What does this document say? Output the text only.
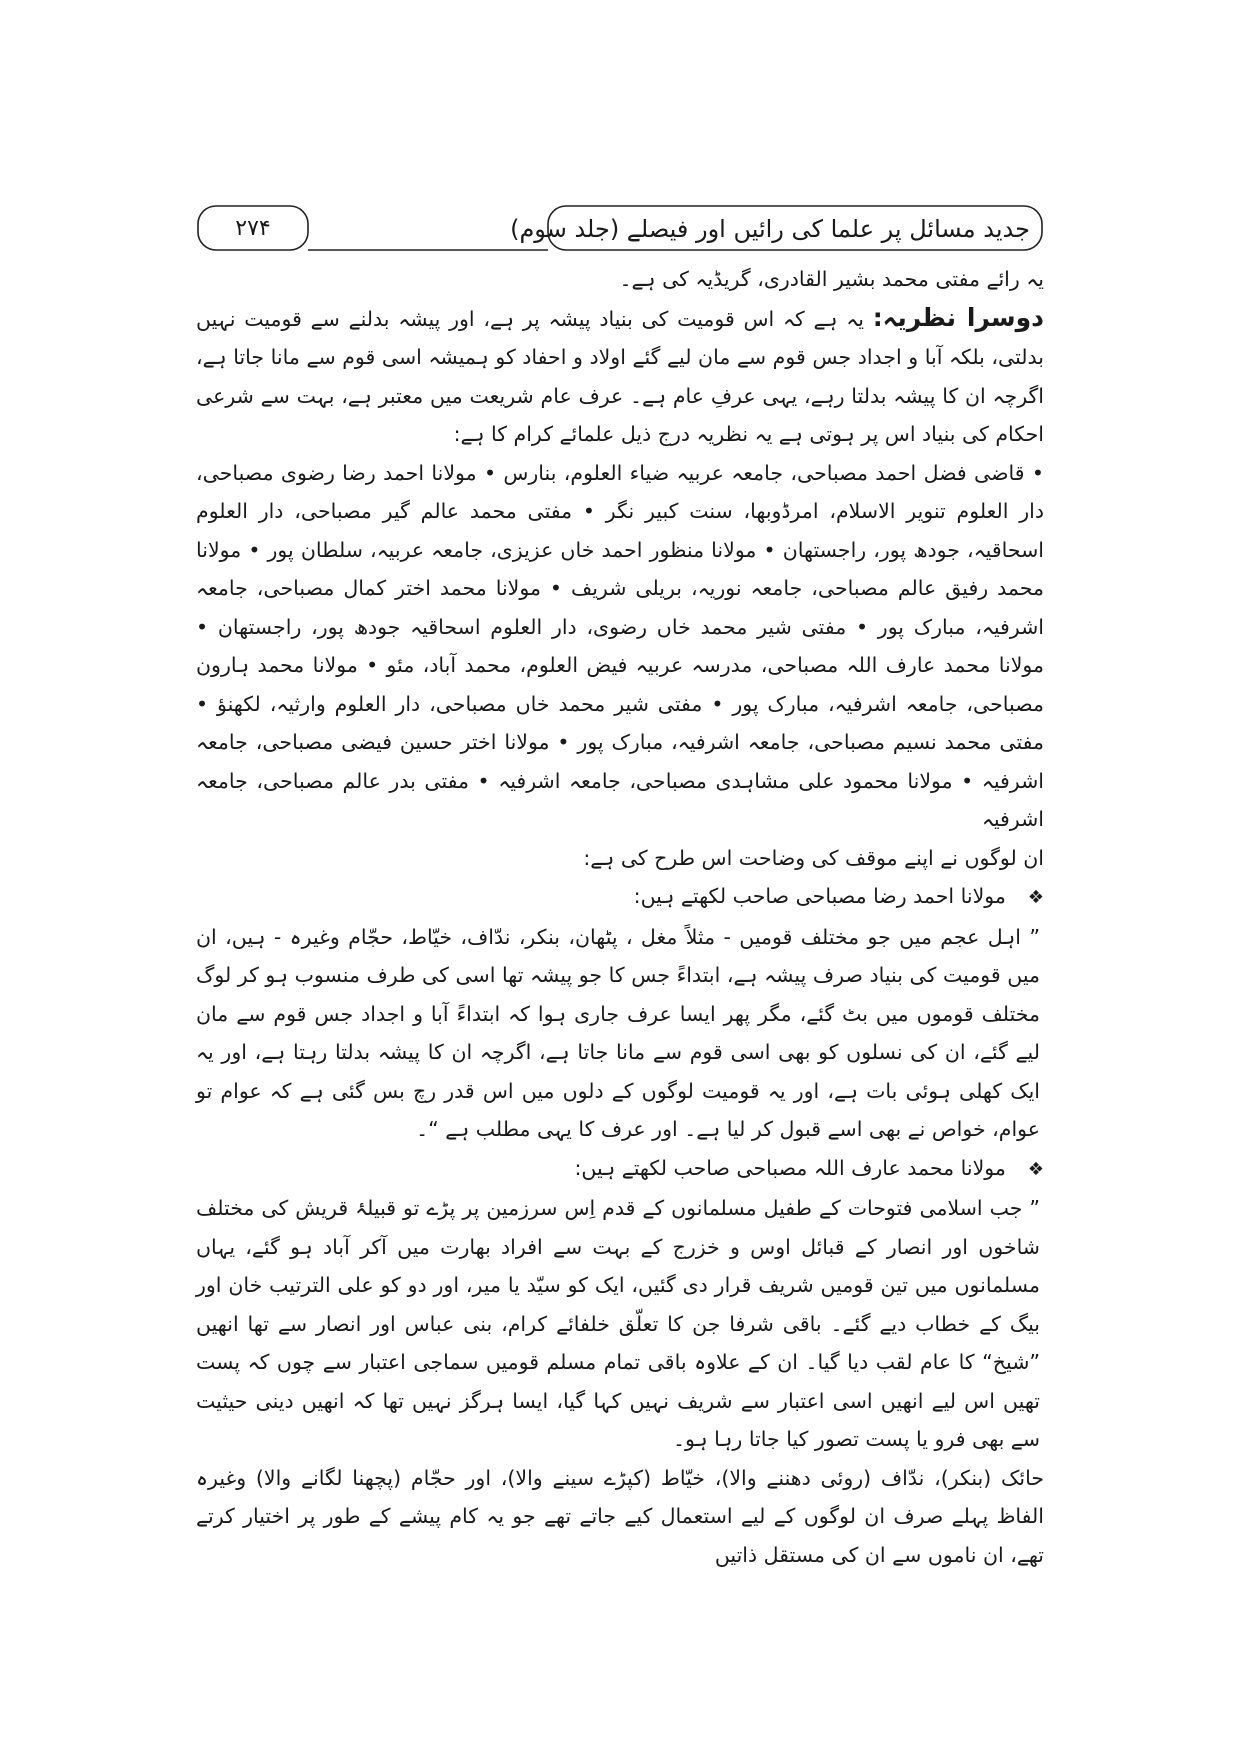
۲۷۴	جدید مسائل پر علما کی رائیں اور فیصلے (جلد سوم)

یہ رائے مفتی محمد بشیر القادری، گریڈیہ کی ہے۔

دوسرا نظریہ: یہ ہے کہ اس قومیت کی بنیاد پیشہ پر ہے، اور پیشہ بدلنے سے قومیت نہیں بدلتی، بلکہ آبا و اجداد جس قوم سے مان لیے گئے اولاد و احفاد کو ہمیشہ اسی قوم سے مانا جاتا ہے، اگرچہ ان کا پیشہ بدلتا رہے، یہی عرفِ عام ہے۔ عرف عام شریعت میں معتبر ہے، بہت سے شرعی احکام کی بنیاد اس پر ہوتی ہے یہ نظریہ درج ذیل علمائے کرام کا ہے:

• قاضی فضل احمد مصباحی، جامعہ عربیہ ضیاء العلوم، بنارس • مولانا احمد رضا رضوی مصباحی، دار العلوم تنویر الاسلام، امرڈوبھا، سنت کبیر نگر • مفتی محمد عالم گیر مصباحی، دار العلوم اسحاقیہ، جودھ پور، راجستھان • مولانا منظور احمد خاں عزیزی، جامعہ عربیہ، سلطان پور • مولانا محمد رفیق عالم مصباحی، جامعہ نوریہ، بریلی شریف • مولانا محمد اختر کمال مصباحی، جامعہ اشرفیہ، مبارک پور • مفتی شیر محمد خاں رضوی، دار العلوم اسحاقیہ جودھ پور، راجستھان • مولانا محمد عارف اللہ مصباحی، مدرسہ عربیہ فیض العلوم، محمد آباد، مئو • مولانا محمد ہارون مصباحی، جامعہ اشرفیہ، مبارک پور • مفتی شیر محمد خاں مصباحی، دار العلوم وارثیہ، لکھنؤ • مفتی محمد نسیم مصباحی، جامعہ اشرفیہ، مبارک پور • مولانا اختر حسین فیضی مصباحی، جامعہ اشرفیہ • مولانا محمود علی مشاہدی مصباحی، جامعہ اشرفیہ • مفتی بدر عالم مصباحی، جامعہ اشرفیہ

ان لوگوں نے اپنے موقف کی وضاحت اس طرح کی ہے:

❖مولانا احمد رضا مصباحی صاحب لکھتے ہیں:

” اہل عجم میں جو مختلف قومیں - مثلاً مغل ، پٹھان، بنکر، ندّاف، خیّاط، حجّام وغیرہ - ہیں، ان میں قومیت کی بنیاد صرف پیشہ ہے، ابتداءً جس کا جو پیشہ تھا اسی کی طرف منسوب ہو کر لوگ مختلف قوموں میں بٹ گئے، مگر پھر ایسا عرف جاری ہوا کہ ابتداءً آبا و اجداد جس قوم سے مان لیے گئے، ان کی نسلوں کو بھی اسی قوم سے مانا جاتا ہے، اگرچہ ان کا پیشہ بدلتا رہتا ہے، اور یہ ایک کھلی ہوئی بات ہے، اور یہ قومیت لوگوں کے دلوں میں اس قدر رچ بس گئی ہے کہ عوام تو عوام، خواص نے بھی اسے قبول کر لیا ہے۔ اور عرف کا یہی مطلب ہے “۔

❖مولانا محمد عارف اللہ مصباحی صاحب لکھتے ہیں:

” جب اسلامی فتوحات کے طفیل مسلمانوں کے قدم اِس سرزمین پر پڑے تو قبیلۂ قریش کی مختلف شاخوں اور انصار کے قبائل اوس و خزرج کے بہت سے افراد بھارت میں آکر آباد ہو گئے، یہاں مسلمانوں میں تین قومیں شریف قرار دی گئیں، ایک کو سیّد یا میر، اور دو کو علی الترتیب خان اور بیگ کے خطاب دیے گئے۔ باقی شرفا جن کا تعلّق خلفائے کرام، بنی عباس اور انصار سے تھا انھیں ”شیخ“ کا عام لقب دیا گیا۔ ان کے علاوہ باقی تمام مسلم قومیں سماجی اعتبار سے چوں کہ پست تھیں اس لیے انھیں اسی اعتبار سے شریف نہیں کہا گیا، ایسا ہرگز نہیں تھا کہ انھیں دینی حیثیت سے بھی فرو یا پست تصور کیا جاتا رہا ہو۔

حائک (بنکر)، ندّاف (روئی دھننے والا)، خیّاط (کپڑے سینے والا)، اور حجّام (پچھنا لگانے والا) وغیرہ الفاظ پہلے صرف ان لوگوں کے لیے استعمال کیے جاتے تھے جو یہ کام پیشے کے طور پر اختیار کرتے تھے، ان ناموں سے ان کی مستقل ذاتیں
